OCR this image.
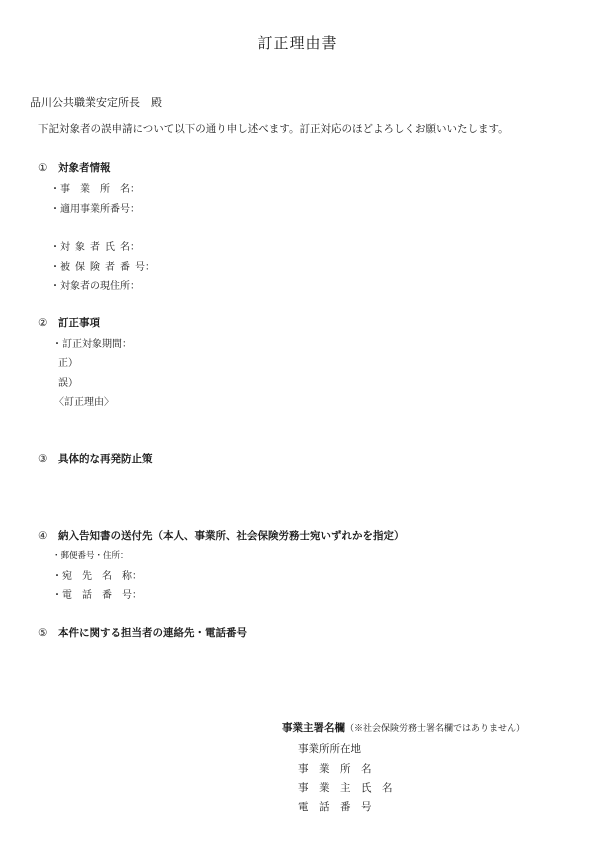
訂正理由書
品川公共職業安定所長　殿
下記対象者の誤申請について以下の通り申し述べます。訂正対応のほどよろしくお願いいたします。
① 対象者情報
・事　業　所　名：
・適用事業所番号：
・対 象 者 氏 名：
・被 保 険 者 番 号：
・対象者の現住所：
② 訂正事項
・訂正対象期間：
正）
誤）
〈訂正理由〉
③ 具体的な再発防止策
④ 納入告知書の送付先（本人、事業所、社会保険労務士宛いずれかを指定）
・郵便番号・住所：
・宛　先　名　称：
・電　話　番　号：
⑤ 本件に関する担当者の連絡先・電話番号
事業主署名欄（※社会保険労務士署名欄ではありません）
事業所所在地
事　業　所　名
事　業　主　氏　名
電　話　番　号
